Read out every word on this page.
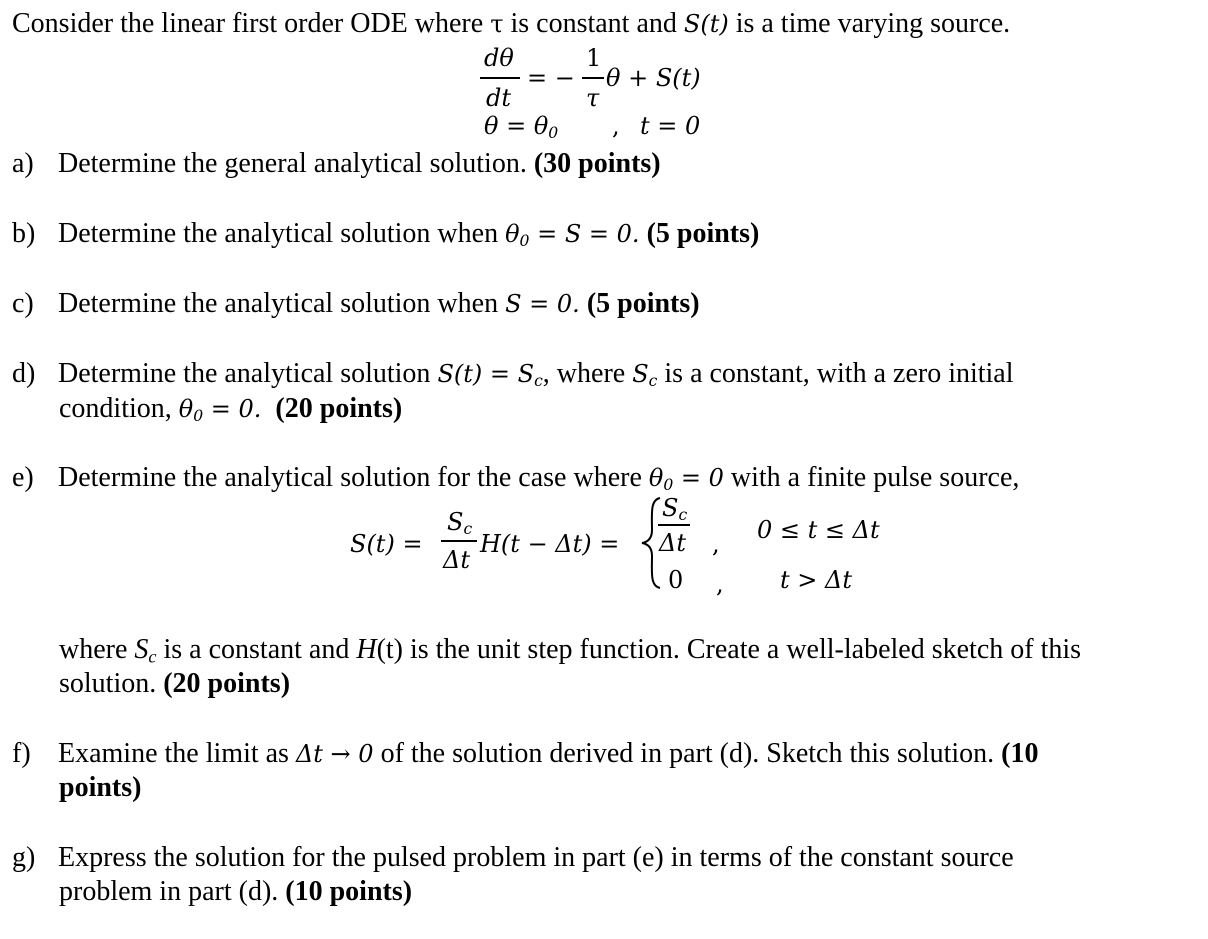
Consider the linear first order ODE where τ is constant and S(t) is a time varying source.
dθ
dt
= −
1
τ
θ + S(t)
$\theta = \theta_0$ , t = 0
a) Determine the general analytical solution. (30 points)
b) Determine the analytical solution when $\theta_0 = S = 0$. (5 points)
c) Determine the analytical solution when S = 0. (5 points)
d) Determine the analytical solution $S(t) = S_c$, where $S_c$ is a constant, with a zero initial
condition, $\theta_0 = 0$. (20 points)
e) Determine the analytical solution for the case where $\theta_0 = 0$ with a finite pulse source,
S(t) =
$S_c$
Δt
H(t − Δt) =
$S_c$
Δt , 0 ≤ t ≤ Δt
0 , t > Δt
where $S_c$ is a constant and H(t) is the unit step function. Create a well-labeled sketch of this
solution. (20 points)
f) Examine the limit as Δt → 0 of the solution derived in part (d). Sketch this solution. (10
points)
g) Express the solution for the pulsed problem in part (e) in terms of the constant source
problem in part (d). (10 points)
